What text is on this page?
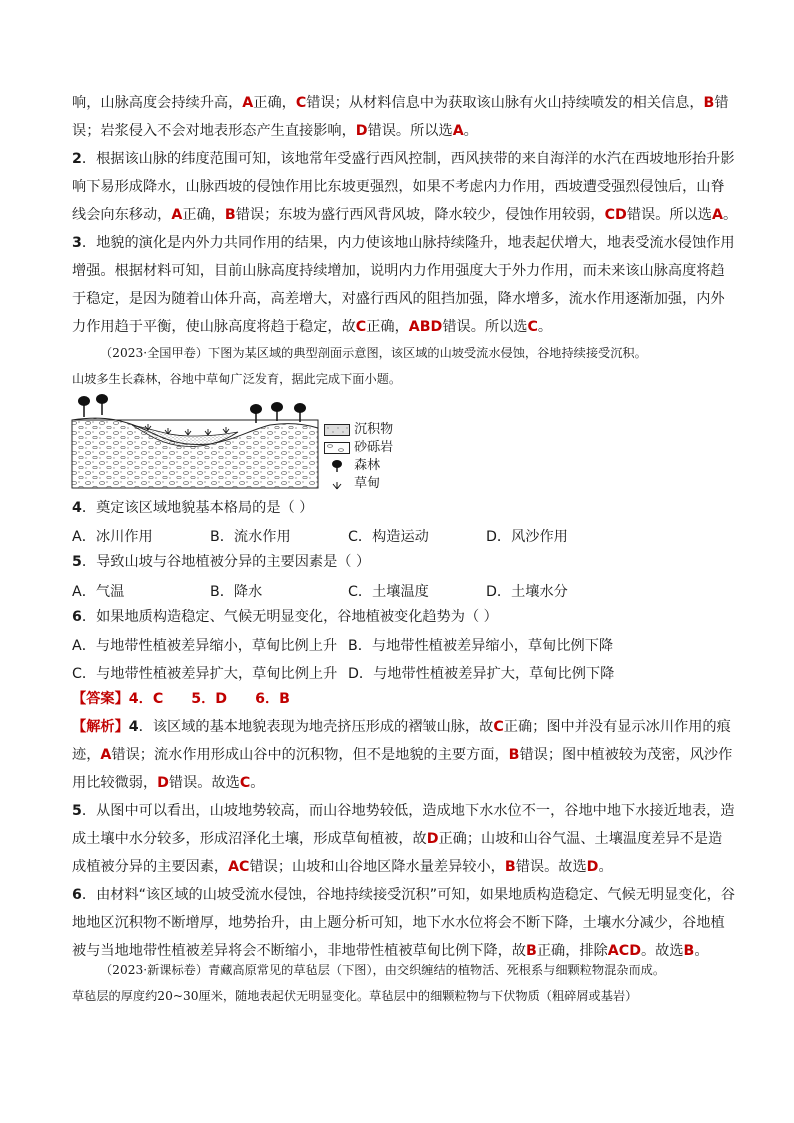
响，山脉高度会持续升高，A正确，C错误；从材料信息中为获取该山脉有火山持续喷发的相关信息，B错
误；岩浆侵入不会对地表形态产生直接影响，D错误。所以选A。
2．根据该山脉的纬度范围可知，该地常年受盛行西风控制，西风挟带的来自海洋的水汽在西坡地形抬升影
响下易形成降水，山脉西坡的侵蚀作用比东坡更强烈，如果不考虑内力作用，西坡遭受强烈侵蚀后，山脊
线会向东移动，A正确，B错误；东坡为盛行西风背风坡，降水较少，侵蚀作用较弱，CD错误。所以选A。
3．地貌的演化是内外力共同作用的结果，内力使该地山脉持续隆升，地表起伏增大，地表受流水侵蚀作用
增强。根据材料可知，目前山脉高度持续增加，说明内力作用强度大于外力作用，而未来该山脉高度将趋
于稳定，是因为随着山体升高，高差增大，对盛行西风的阻挡加强，降水增多，流水作用逐渐加强，内外
力作用趋于平衡，使山脉高度将趋于稳定，故C正确，ABD错误。所以选C。
（2023·全国甲卷）下图为某区域的典型剖面示意图，该区域的山坡受流水侵蚀，谷地持续接受沉积。
山坡多生长森林，谷地中草甸广泛发育，据此完成下面小题。
沉积物
砂砾岩
森林
草甸
4．奠定该区域地貌基本格局的是（ ）
A．冰川作用	B．流水作用	C．构造运动	D．风沙作用
5．导致山坡与谷地植被分异的主要因素是（ ）
A．气温	B．降水	C．土壤温度	D．土壤水分
6．如果地质构造稳定、气候无明显变化，谷地植被变化趋势为（ ）
A．与地带性植被差异缩小，草甸比例上升 B．与地带性植被差异缩小，草甸比例下降
C．与地带性植被差异扩大，草甸比例上升 D．与地带性植被差异扩大，草甸比例下降
【答案】4．C 5．D 6．B
【解析】4．该区域的基本地貌表现为地壳挤压形成的褶皱山脉，故C正确；图中并没有显示冰川作用的痕
迹，A错误；流水作用形成山谷中的沉积物，但不是地貌的主要方面，B错误；图中植被较为茂密，风沙作
用比较微弱，D错误。故选C。
5．从图中可以看出，山坡地势较高，而山谷地势较低，造成地下水水位不一，谷地中地下水接近地表，造
成土壤中水分较多，形成沼泽化土壤，形成草甸植被，故D正确；山坡和山谷气温、土壤温度差异不是造
成植被分异的主要因素，AC错误；山坡和山谷地区降水量差异较小，B错误。故选D。
6．由材料“该区域的山坡受流水侵蚀，谷地持续接受沉积”可知，如果地质构造稳定、气候无明显变化，谷
地地区沉积物不断增厚，地势抬升，由上题分析可知，地下水水位将会不断下降，土壤水分减少，谷地植
被与当地地带性植被差异将会不断缩小，非地带性植被草甸比例下降，故B正确，排除ACD。故选B。
（2023·新课标卷）青藏高原常见的草毡层（下图），由交织缠结的植物活、死根系与细颗粒物混杂而成。
草毡层的厚度约20~30厘米，随地表起伏无明显变化。草毡层中的细颗粒物与下伏物质（粗碎屑或基岩）
